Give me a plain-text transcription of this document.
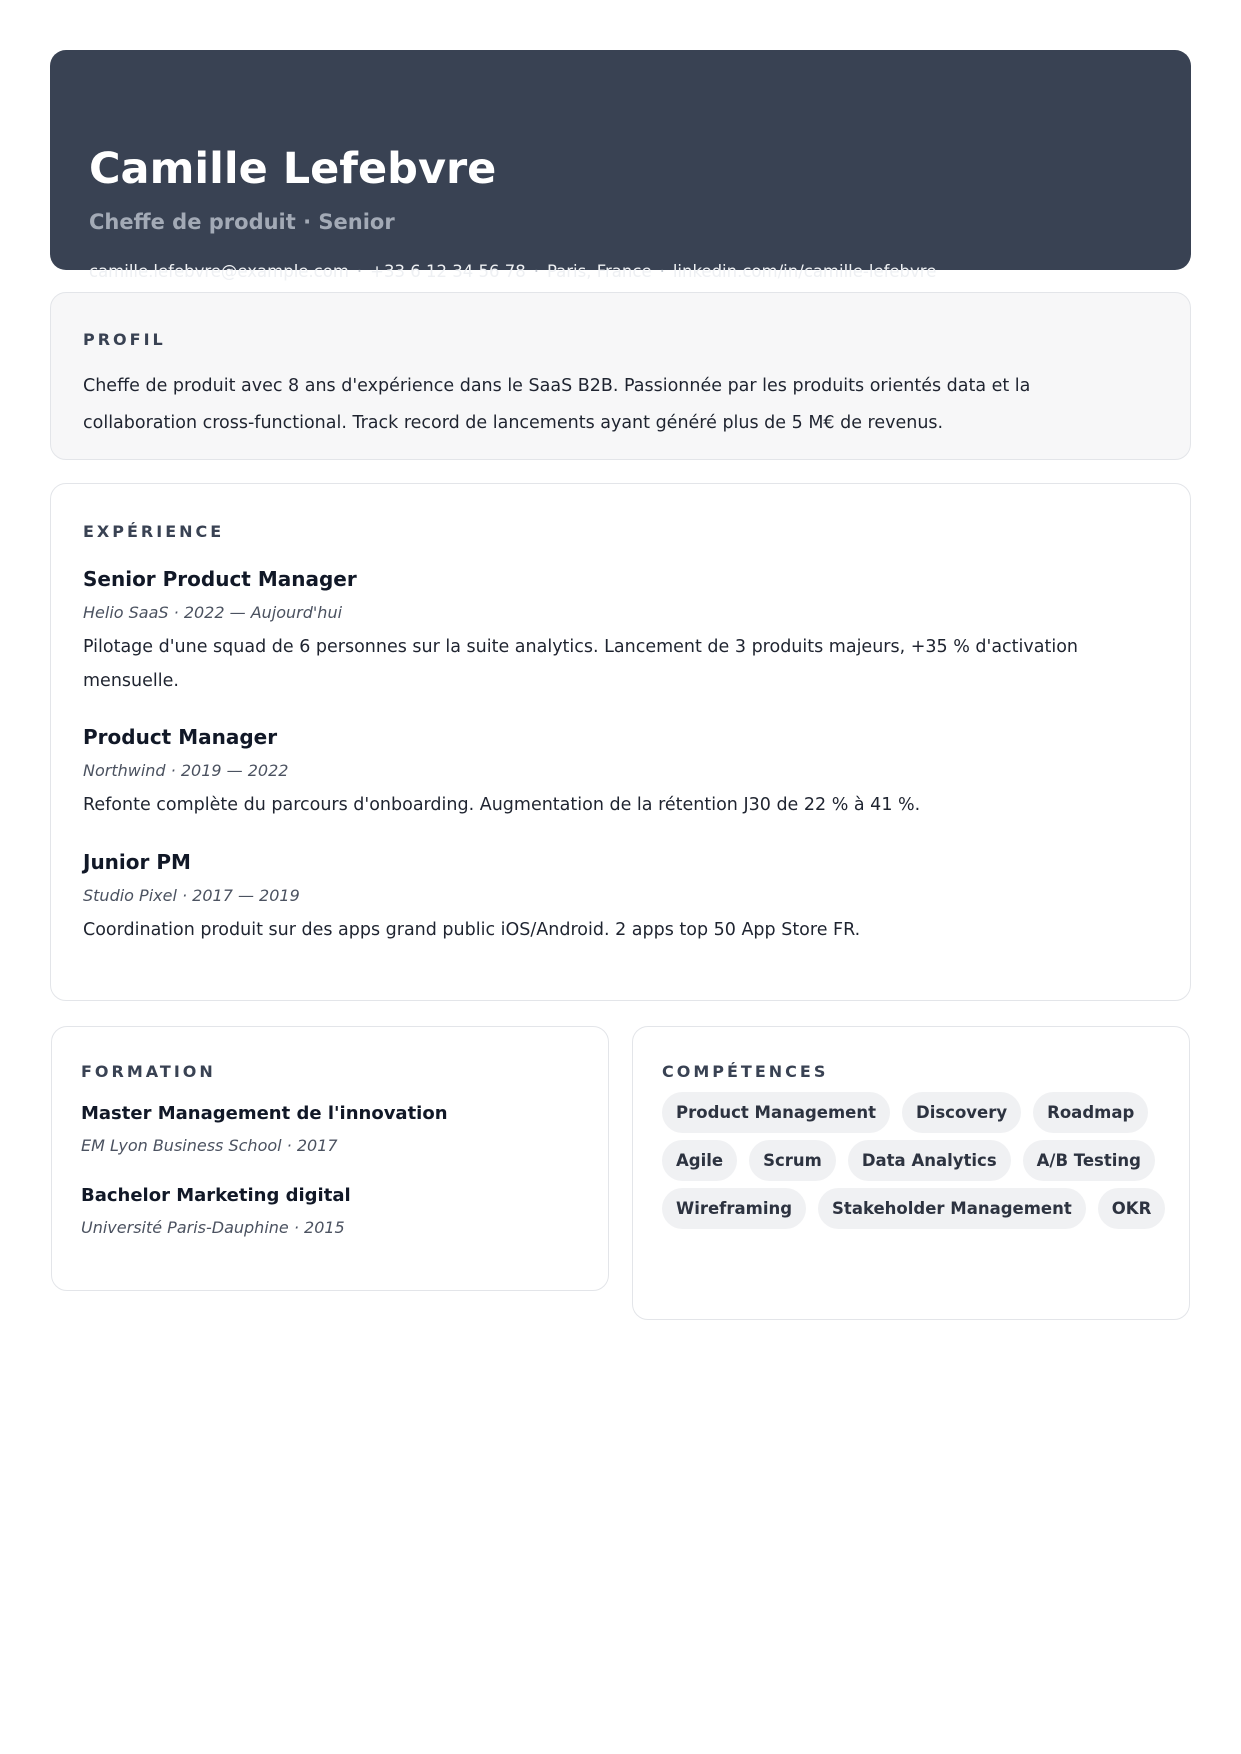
Camille Lefebvre
Cheffe de produit · Senior
camille.lefebvre@example.com · +33 6 12 34 56 78 · Paris, France · linkedin.com/in/camille-lefebvre
PROFIL
Cheffe de produit avec 8 ans d'expérience dans le SaaS B2B. Passionnée par les produits orientés data et la collaboration cross-functional. Track record de lancements ayant généré plus de 5 M€ de revenus.
EXPÉRIENCE
Senior Product Manager
Helio SaaS · 2022 — Aujourd'hui
Pilotage d'une squad de 6 personnes sur la suite analytics. Lancement de 3 produits majeurs, +35 % d'activation mensuelle.
Product Manager
Northwind · 2019 — 2022
Refonte complète du parcours d'onboarding. Augmentation de la rétention J30 de 22 % à 41 %.
Junior PM
Studio Pixel · 2017 — 2019
Coordination produit sur des apps grand public iOS/Android. 2 apps top 50 App Store FR.
FORMATION
Master Management de l'innovation
EM Lyon Business School · 2017
Bachelor Marketing digital
Université Paris-Dauphine · 2015
COMPÉTENCES
Product Management	Discovery	Roadmap
Agile	Scrum	Data Analytics	A/B Testing
Wireframing	Stakeholder Management	OKR
